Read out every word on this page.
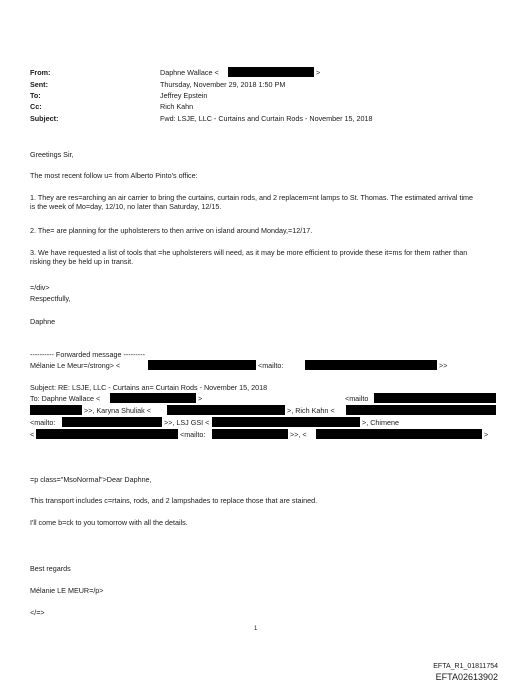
From:	Daphne Wallace <	>
Sent:	Thursday, November 29, 2018 1:50 PM
To:	Jeffrey Epstein
Cc:	Rich Kahn
Subject:	Fwd: LSJE, LLC - Curtains and Curtain Rods - November 15, 2018
Greetings Sir,
The most recent follow u= from Alberto Pinto's office:
1. They are res=arching an air carrier to bring the curtains, curtain rods, and 2 replacem=nt lamps to St. Thomas. The estimated arrival time is the week of Mo=day, 12/10, no later than Saturday, 12/15.
2. The= are planning for the upholsterers to then arrive on island around Monday,=12/17.
3. We have requested a list of tools that =he upholsterers will need, as it may be more efficient to provide these it=ms for them rather than risking they be held up in transit.
=/div>
Respectfully,
Daphne
---------- Forwarded message ---------
Mélanie Le Meur=/strong> <	<mailto:	>>
Subject: RE: LSJE, LLC - Curtains an= Curtain Rods - November 15, 2018
To: Daphne Wallace <	>	<mailto
>>, Karyna Shuliak <	>, Rich Kahn <
<mailto:	>>, LSJ GSI <	>, Chimene
<	<mailto:	>>, <	>
=p class="MsoNormal">Dear Daphne,
This transport includes c=rtains, rods, and 2 lampshades to replace those that are stained.
I'll come b=ck to you tomorrow with all the details.
Best regards
Mélanie LE MEUR=/p>
</=>
1
EFTA_R1_01811754
EFTA02613902
